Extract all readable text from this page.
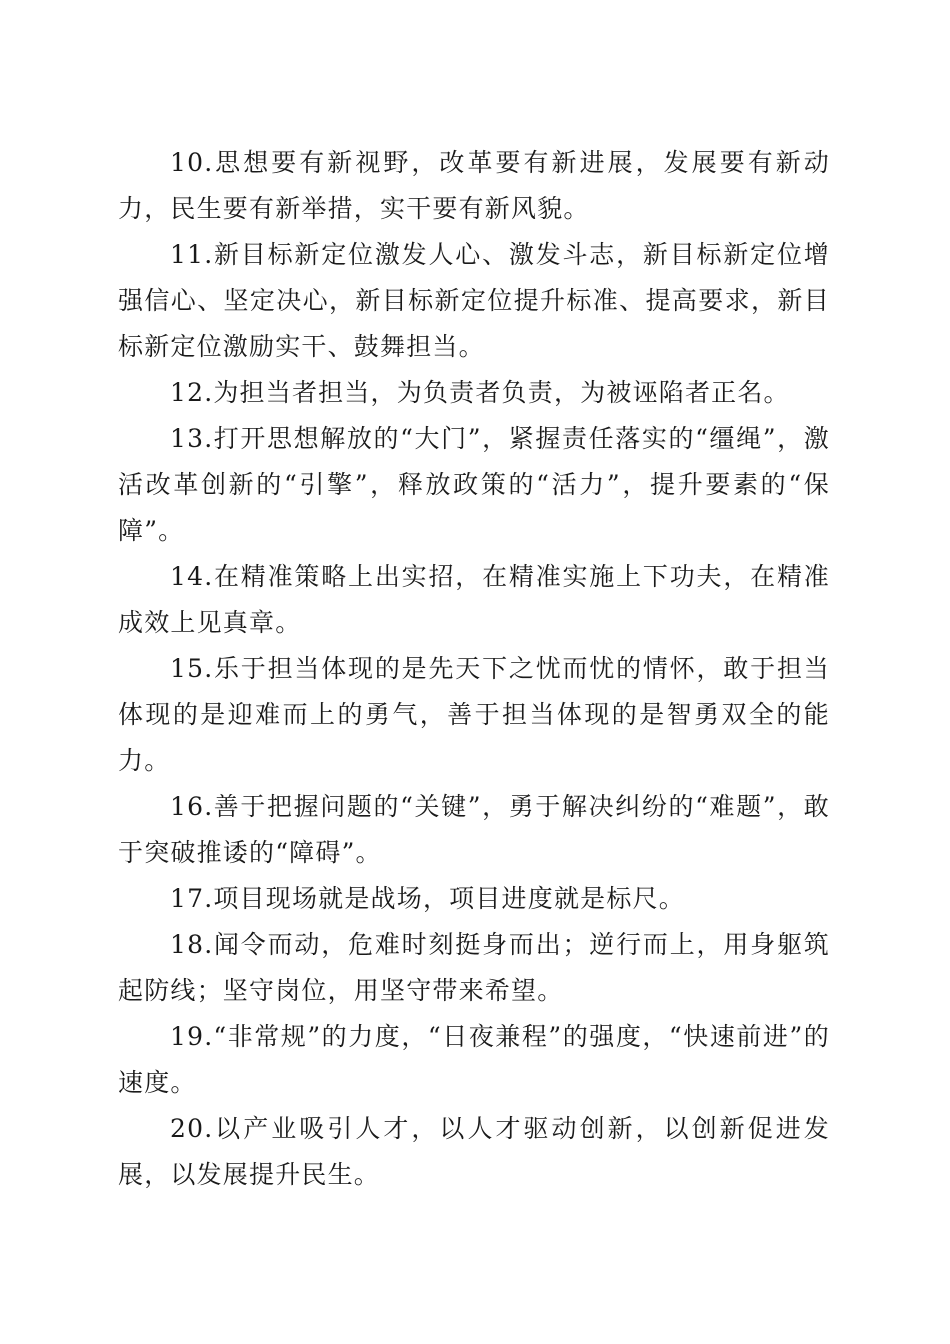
10.思想要有新视野，改革要有新进展，发展要有新动力，民生要有新举措，实干要有新风貌。

11.新目标新定位激发人心、激发斗志，新目标新定位增强信心、坚定决心，新目标新定位提升标准、提高要求，新目标新定位激励实干、鼓舞担当。

12.为担当者担当，为负责者负责，为被诬陷者正名。

13.打开思想解放的“大门”，紧握责任落实的“缰绳”，激活改革创新的“引擎”，释放政策的“活力”，提升要素的“保障”。

14.在精准策略上出实招，在精准实施上下功夫，在精准成效上见真章。

15.乐于担当体现的是先天下之忧而忧的情怀，敢于担当体现的是迎难而上的勇气，善于担当体现的是智勇双全的能力。

16.善于把握问题的“关键”，勇于解决纠纷的“难题”，敢于突破推诿的“障碍”。

17.项目现场就是战场，项目进度就是标尺。

18.闻令而动，危难时刻挺身而出；逆行而上，用身躯筑起防线；坚守岗位，用坚守带来希望。

19.“非常规”的力度，“日夜兼程”的强度，“快速前进”的速度。

20.以产业吸引人才，以人才驱动创新，以创新促进发展，以发展提升民生。
